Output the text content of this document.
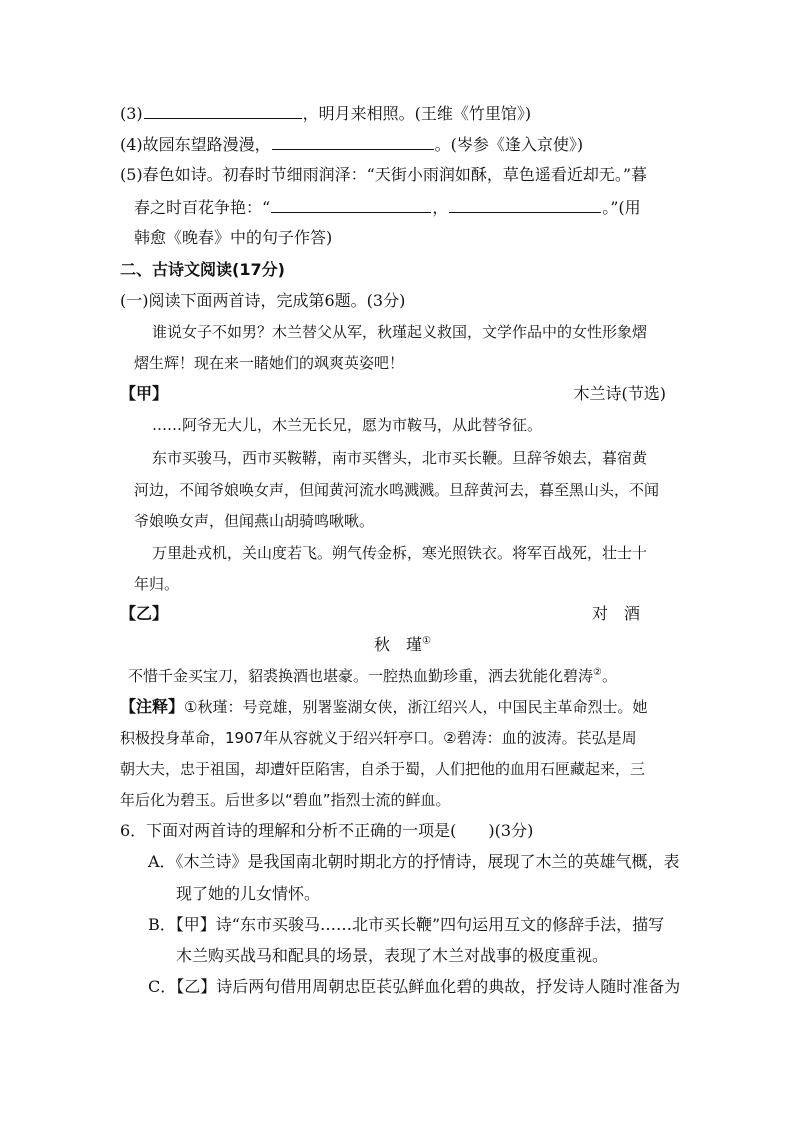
(3)	，明月来相照。(王维《竹里馆》)
(4)故园东望路漫漫，	。(岑参《逢入京使》)
(5)春色如诗。初春时节细雨润泽：“天街小雨润如酥，草色遥看近却无。”暮
春之时百花争艳：“	，	。”(用
韩愈《晚春》中的句子作答)
二、古诗文阅读(17分)
(一)阅读下面两首诗，完成第6题。(3分)
谁说女子不如男？木兰替父从军，秋瑾起义救国，文学作品中的女性形象熠
熠生辉！现在来一睹她们的飒爽英姿吧！
【甲】	木兰诗(节选)
……阿爷无大儿，木兰无长兄，愿为市鞍马，从此替爷征。
东市买骏马，西市买鞍鞯，南市买辔头，北市买长鞭。旦辞爷娘去，暮宿黄
河边，不闻爷娘唤女声，但闻黄河流水鸣溅溅。旦辞黄河去，暮至黑山头，不闻
爷娘唤女声，但闻燕山胡骑鸣啾啾。
万里赴戎机，关山度若飞。朔气传金柝，寒光照铁衣。将军百战死，壮士十
年归。
【乙】	对　酒
秋　瑾①
不惜千金买宝刀，貂裘换酒也堪豪。一腔热血勤珍重，洒去犹能化碧涛②。
【注释】①秋瑾：号竞雄，别署鉴湖女侠，浙江绍兴人，中国民主革命烈士。她
积极投身革命，1907年从容就义于绍兴轩亭口。②碧涛：血的波涛。苌弘是周
朝大夫，忠于祖国，却遭奸臣陷害，自杀于蜀，人们把他的血用石匣藏起来，三
年后化为碧玉。后世多以“碧血”指烈士流的鲜血。
6．下面对两首诗的理解和分析不正确的一项是(　　)(3分)
A．《木兰诗》是我国南北朝时期北方的抒情诗，展现了木兰的英雄气概，表
现了她的儿女情怀。
B．【甲】诗“东市买骏马……北市买长鞭”四句运用互文的修辞手法，描写
木兰购买战马和配具的场景，表现了木兰对战事的极度重视。
C．【乙】诗后两句借用周朝忠臣苌弘鲜血化碧的典故，抒发诗人随时准备为
